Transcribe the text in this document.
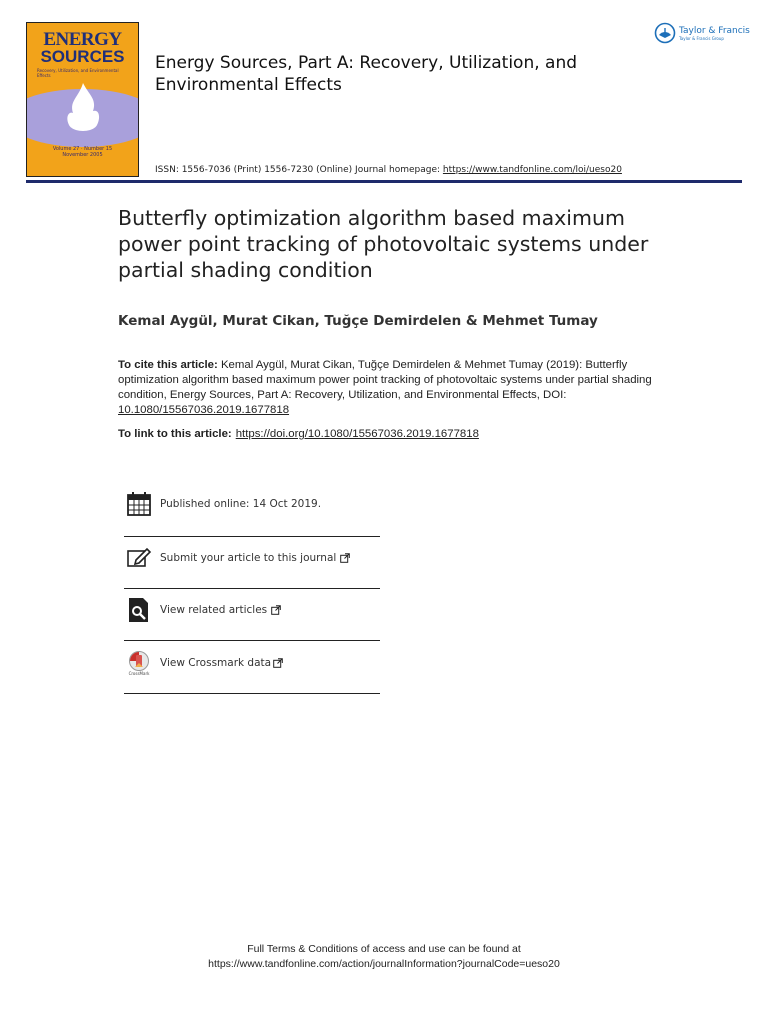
ENERGY
SOURCES
Recovery, Utilization, and Environmental Effects
Volume 27 · Number 15 November 2005
Energy Sources, Part A: Recovery, Utilization, and Environmental Effects
Taylor & Francis
Taylor & Francis Group
ISSN: 1556-7036 (Print) 1556-7230 (Online) Journal homepage: https://www.tandfonline.com/loi/ueso20
Butterfly optimization algorithm based maximum power point tracking of photovoltaic systems under partial shading condition
Kemal Aygül, Murat Cikan, Tuğçe Demirdelen & Mehmet Tumay
To cite this article: Kemal Aygül, Murat Cikan, Tuğçe Demirdelen & Mehmet Tumay (2019): Butterfly optimization algorithm based maximum power point tracking of photovoltaic systems under partial shading condition, Energy Sources, Part A: Recovery, Utilization, and Environmental Effects, DOI: 10.1080/15567036.2019.1677818
To link to this article: https://doi.org/10.1080/15567036.2019.1677818
Published online: 14 Oct 2019.
Submit your article to this journal
View related articles
CrossMark
View Crossmark data
Full Terms & Conditions of access and use can be found at
https://www.tandfonline.com/action/journalInformation?journalCode=ueso20
